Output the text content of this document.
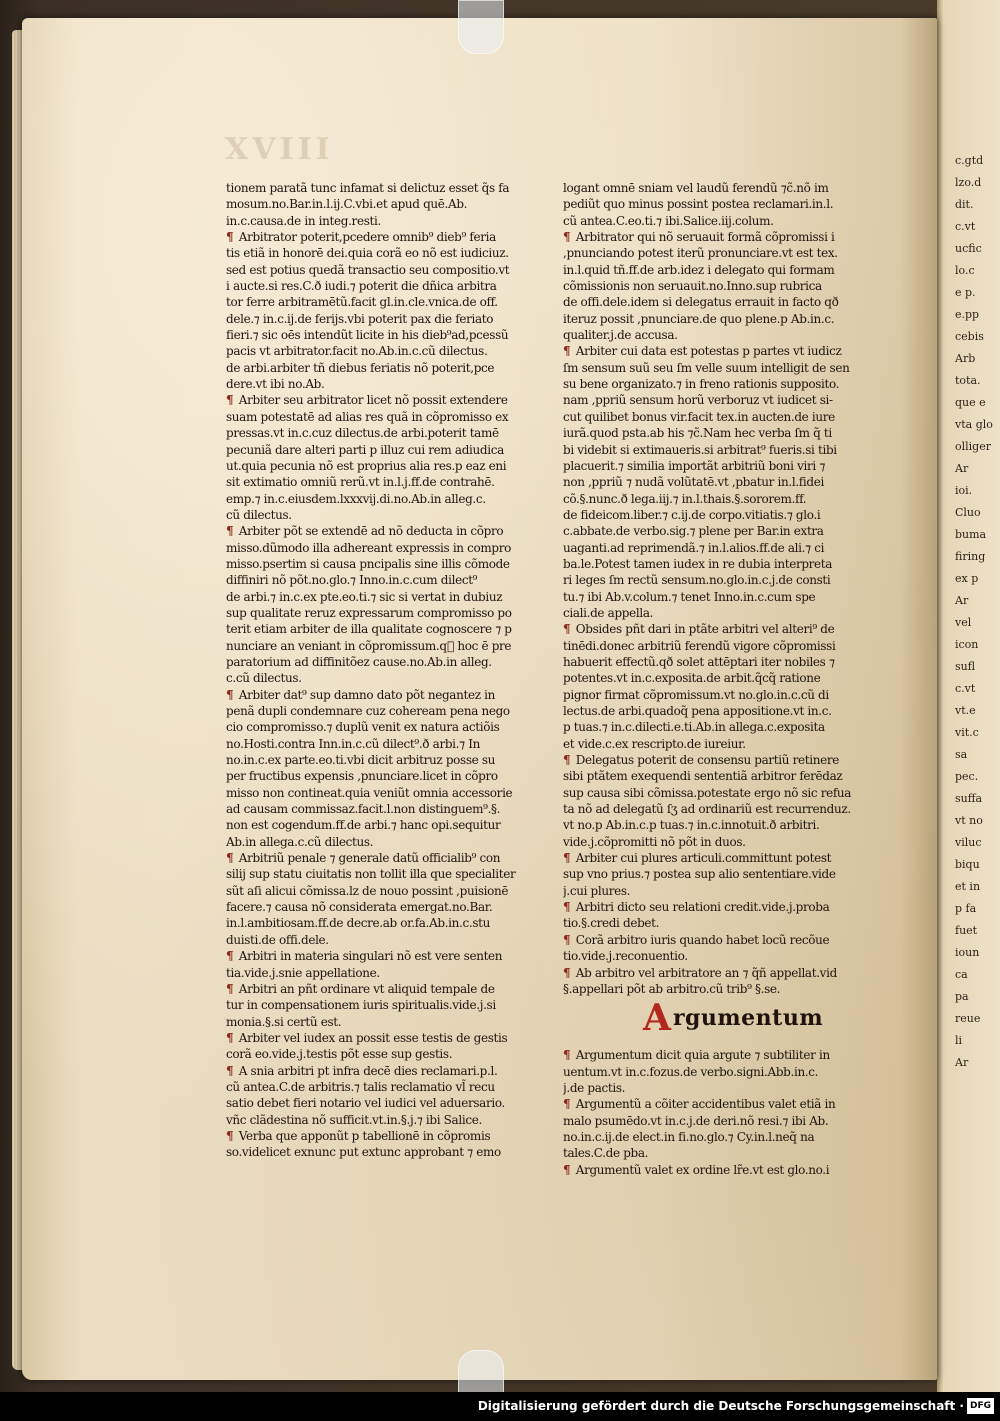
c.gtd
lzo.d
dit.
c.vt
ucfic
lo.c
e p.
e.pp
cebis
Arb
tota.
que e
vta glo
olliger
Ar
ioi.
Cluo
buma
firing
ex p
Ar
vel
icon
sufl
c.vt
vt.e
vit.c
sa
pec.
suffa
vt no
viluc
biqu
et in
p fa
fuet
ioun
ca
pa
reue
li
Ar
XVIII
tionem paratã tunc infamat si delictuz esset q̃s fa
mosum.no.Bar.in.l.ij.C.vbi.et apud quē.Ab.
in.c.causa.de in integ.resti.
¶ Arbitrator poterit,pcedere omnib⁹ dieb⁹ feria
tis etiã in honorē dei.quia corã eo nõ est iudiciuz.
sed est potius quedã transactio seu compositio.vt
i aucte.si res.C.ð iudi.⁊ poterit die dñica arbitra
tor ferre arbitramētũ.facit gl.in.cle.vnica.de off.
dele.⁊ in.c.ij.de ferijs.vbi poterit pax die feriato
fieri.⁊ sic oēs intendũt licite in his dieb⁹ad,pcessũ
pacis vt arbitrator.facit no.Ab.in.c.cũ dilectus.
de arbi.arbiter tñ diebus feriatis nõ poterit,pce
dere.vt ibi no.Ab.
¶ Arbiter seu arbitrator licet nõ possit extendere
suam potestatē ad alias res quã in cõpromisso ex
pressas.vt in.c.cuz dilectus.de arbi.poterit tamē
pecuniã dare alteri parti p illuz cui rem adiudica
ut.quia pecunia nõ est proprius alia res.p eaz eni
sit extimatio omniũ rerũ.vt in.l.j.ff.de contrahē.
emp.⁊ in.c.eiusdem.lxxxvij.di.no.Ab.in alleg.c.
cũ dilectus.
¶ Arbiter põt se extendē ad nõ deducta in cõpro
misso.dũmodo illa adhereant expressis in compro
misso.psertim si causa pncipalis sine illis cõmode
diffiniri nõ põt.no.glo.⁊ Inno.in.c.cum dilect⁹
de arbi.⁊ in.c.ex pte.eo.ti.⁊ sic si vertat in dubiuz
sup qualitate reruz expressarum compromisso po
terit etiam arbiter de illa qualitate cognoscere ⁊ p
nunciare an veniant in cõpromissum.q᷑ hoc ē pre
paratorium ad diffinitõez cause.no.Ab.in alleg.
c.cũ dilectus.
¶ Arbiter dat⁹ sup damno dato põt negantez in
penã dupli condemnare cuz coheream pena nego
cio compromisso.⁊ duplũ venit ex natura actiõis
no.Hosti.contra Inn.in.c.cũ dilect⁹.ð arbi.⁊ In
no.in.c.ex parte.eo.ti.vbi dicit arbitruz posse su
per fructibus expensis ,pnunciare.licet in cõpro
misso non contineat.quia veniũt omnia accessorie
ad causam commissaz.facit.l.non distinguem⁹.§.
non est cogendum.ff.de arbi.⁊ hanc opi.sequitur
Ab.in allega.c.cũ dilectus.
¶ Arbitriũ penale ⁊ generale datũ officialib⁹ con
silij sup statu ciuitatis non tollit illa que specialiter
sũt aſi alicui cõmissa.lz de nouo possint ,puisionē
facere.⁊ causa nõ considerata emergat.no.Bar.
in.l.ambitiosam.ff.de decre.ab or.fa.Ab.in.c.stu
duisti.de offi.dele.
¶ Arbitri in materia singulari nõ est vere senten
tia.vide.j.snie appellatione.
¶ Arbitri an pñt ordinare vt aliquid tempale de
tur in compensationem iuris spiritualis.vide.j.si
monia.§.si certũ est.
¶ Arbiter vel iudex an possit esse testis de gestis
corã eo.vide.j.testis põt esse sup gestis.
¶ A snia arbitri pt infra decē dies reclamari.p.l.
cũ antea.C.de arbitris.⁊ talis reclamatio vl̃ recu
satio debet fieri notario vel iudici vel aduersario.
vñc clãdestina nõ sufficit.vt.in.§.j.⁊ ibi Salice.
¶ Verba que apponũt p tabellionē in cõpromis
so.videlicet exnunc put extunc approbant ⁊ emo
logant omnē sniam vel laudũ ferendũ ⁊c̃.nõ im
pediũt quo minus possint postea reclamari.in.l.
cũ antea.C.eo.ti.⁊ ibi.Salice.iij.colum.
¶ Arbitrator qui nõ seruauit formã cõpromissi i
,pnunciando potest iterũ pronunciare.vt est tex.
in.l.quid tñ.ff.de arb.idez i delegato qui formam
cõmissionis non seruauit.no.Inno.sup rubrica
de offi.dele.idem si delegatus errauit in facto qð
iteruz possit ,pnunciare.de quo plene.p Ab.in.c.
qualiter.j.de accusa.
¶ Arbiter cui data est potestas p partes vt iudicz
ſm sensum suũ seu ſm velle suum intelligit de sen
su bene organizato.⁊ in freno rationis supposito.
nam ,ppriũ sensum horũ verboruz vt iudicet si-
cut quilibet bonus vir.facit tex.in aucten.de iure
iurã.quod psta.ab his ⁊c̃.Nam hec verba ſm q̃ ti
bi videbit si extimaueris.si arbitrat⁹ fueris.si tibi
placuerit.⁊ similia importãt arbitriũ boni viri ⁊
non ,ppriũ ⁊ nudã volũtatē.vt ,pbatur in.l.fidei
cõ.§.nunc.ð lega.iij.⁊ in.l.thais.§.sororem.ff.
de fideicom.liber.⁊ c.ij.de corpo.vitiatis.⁊ glo.i
c.abbate.de verbo.sig.⁊ plene per Bar.in extra
uaganti.ad reprimendã.⁊ in.l.alios.ff.de ali.⁊ ci
ba.le.Potest tamen iudex in re dubia interpreta
ri leges ſm rectũ sensum.no.glo.in.c.j.de consti
tu.⁊ ibi Ab.v.colum.⁊ tenet Inno.in.c.cum spe
ciali.de appella.
¶ Obsides pñt dari in ptãte arbitri vel alteri⁹ de
tinēdi.donec arbitriũ ferendũ vigore cõpromissi
habuerit effectũ.qð solet attēptari iter nobiles ⁊
potentes.vt in.c.exposita.de arbit.q̃cq̃ ratione
pignor firmat cõpromissum.vt no.glo.in.c.cũ di
lectus.de arbi.quadoq̃ pena appositione.vt in.c.
p tuas.⁊ in.c.dilecti.e.ti.Ab.in allega.c.exposita
et vide.c.ex rescripto.de iureiur.
¶ Delegatus poterit de consensu partiũ retinere
sibi ptãtem exequendi sententiã arbitror ferēdaz
sup causa sibi cõmissa.potestate ergo nõ sic refua
ta nõ ad delegatũ ſʒ ad ordinariũ est recurrenduz.
vt no.p Ab.in.c.p tuas.⁊ in.c.innotuit.ð arbitri.
vide.j.cõpromitti nõ põt in duos.
¶ Arbiter cui plures articuli.committunt potest
sup vno prius.⁊ postea sup alio sententiare.vide
j.cui plures.
¶ Arbitri dicto seu relationi credit.vide.j.proba
tio.§.credi debet.
¶ Corã arbitro iuris quando habet locũ recõue
tio.vide.j.reconuentio.
¶ Ab arbitro vel arbitratore an ⁊ q̃ñ appellat.vid
§.appellari põt ab arbitro.cũ trib⁹ §.se.
Argumentum
¶ Argumentum dicit quia argute ⁊ subtiliter in
uentum.vt in.c.fozus.de verbo.signi.Abb.in.c.
j.de pactis.
¶ Argumentũ a cõiter accidentibus valet etiã in
malo psumēdo.vt in.c.j.de deri.nõ resi.⁊ ibi Ab.
no.in.c.ij.de elect.in fi.no.glo.⁊ Cy.in.l.neq̃ na
tales.C.de pba.
¶ Argumentũ valet ex ordine lr̃e.vt est glo.no.i
Digitalisierung gefördert durch die Deutsche Forschungsgemeinschaft · DFG
